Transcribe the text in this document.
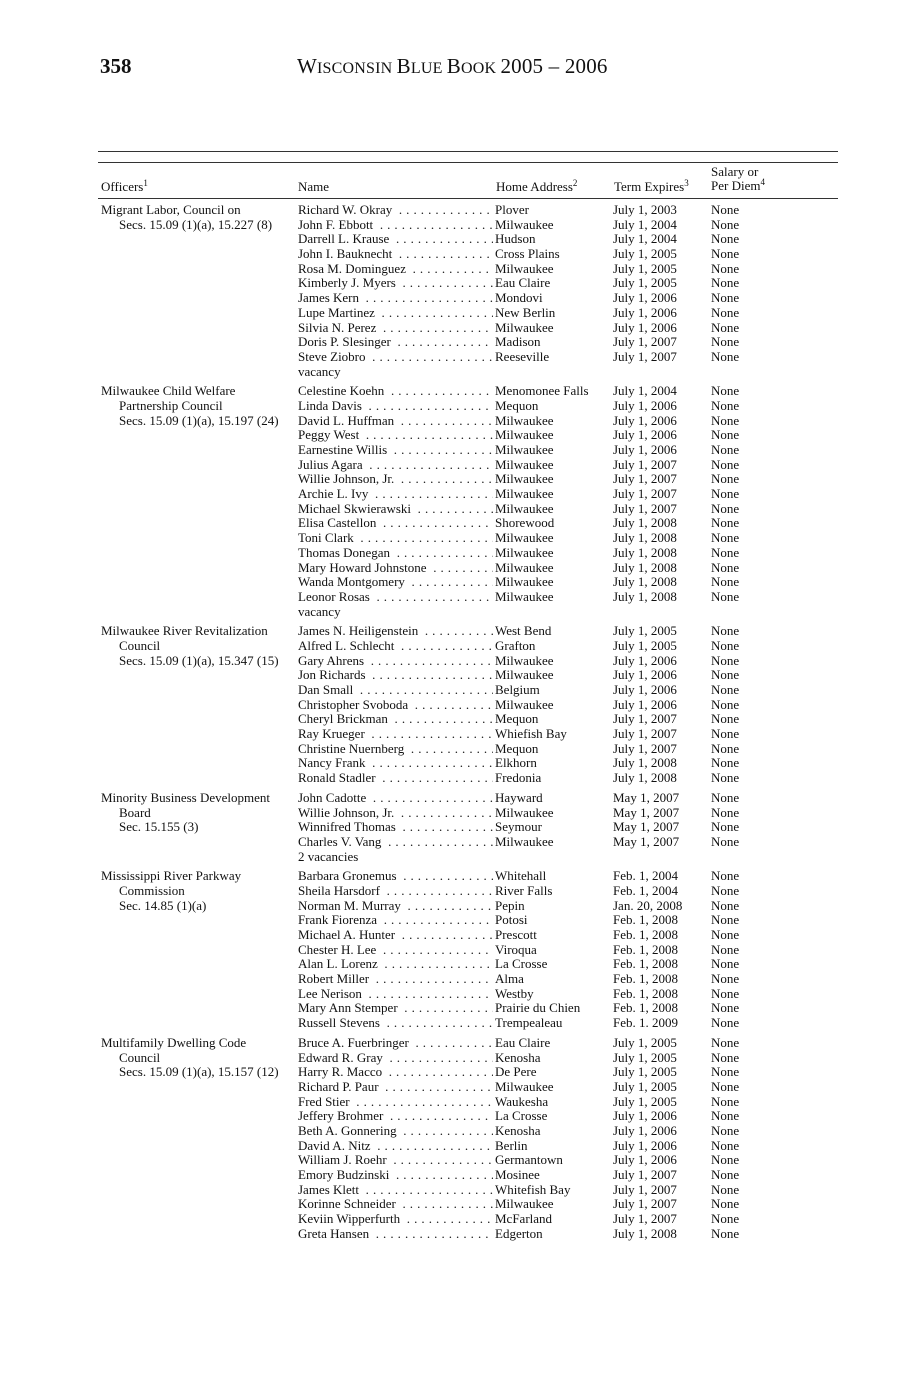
358	WISCONSIN BLUE BOOK 2005 – 2006
Officers$^1$	Name	Home Address$^2$	Term Expires$^3$
Salary or
Per Diem$^4$
Migrant Labor, Council on
Secs. 15.09 (1)(a), 15.227 (8)
Richard W. Okray . . .	Plover	July 1, 2003	None
John F. Ebbott . . .	Milwaukee	July 1, 2004	None
Darrell L. Krause . . .	Hudson	July 1, 2004	None
John I. Bauknecht . . .	Cross Plains	July 1, 2005	None
Rosa M. Dominguez . . .	Milwaukee	July 1, 2005	None
Kimberly J. Myers . . .	Eau Claire	July 1, 2005	None
James Kern . . .	Mondovi	July 1, 2006	None
Lupe Martinez . . .	New Berlin	July 1, 2006	None
Silvia N. Perez . . .	Milwaukee	July 1, 2006	None
Doris P. Slesinger . . .	Madison	July 1, 2007	None
Steve Ziobro . . .	Reeseville	July 1, 2007	None
vacancy
Milwaukee Child Welfare
Partnership Council
Secs. 15.09 (1)(a), 15.197 (24)
Celestine Koehn . . .	Menomonee Falls July 1, 2004	None
Linda Davis . . .	Mequon	July 1, 2006	None
David L. Huffman . . .	Milwaukee	July 1, 2006	None
Peggy West . . .	Milwaukee	July 1, 2006	None
Earnestine Willis . . .	Milwaukee	July 1, 2006	None
Julius Agara . . .	Milwaukee	July 1, 2007	None
Willie Johnson, Jr. . . .	Milwaukee	July 1, 2007	None
Archie L. Ivy . . .	Milwaukee	July 1, 2007	None
Michael Skwierawski . . .	Milwaukee	July 1, 2007	None
Elisa Castellon . . .	Shorewood	July 1, 2008	None
Toni Clark . . .	Milwaukee	July 1, 2008	None
Thomas Donegan . . .	Milwaukee	July 1, 2008	None
Mary Howard Johnstone . . .	Milwaukee	July 1, 2008	None
Wanda Montgomery . . .	Milwaukee	July 1, 2008	None
Leonor Rosas . . .	Milwaukee	July 1, 2008	None
vacancy
Milwaukee River Revitalization
Council
Secs. 15.09 (1)(a), 15.347 (15)
James N. Heiligenstein . . .	West Bend	July 1, 2005	None
Alfred L. Schlecht . . .	Grafton	July 1, 2005	None
Gary Ahrens . . .	Milwaukee	July 1, 2006	None
Jon Richards . . .	Milwaukee	July 1, 2006	None
Dan Small . . .	Belgium	July 1, 2006	None
Christopher Svoboda . . .	Milwaukee	July 1, 2006	None
Cheryl Brickman . . .	Mequon	July 1, 2007	None
Ray Krueger . . .	Whiefish Bay	July 1, 2007	None
Christine Nuernberg . . .	Mequon	July 1, 2007	None
Nancy Frank . . .	Elkhorn	July 1, 2008	None
Ronald Stadler . . .	Fredonia	July 1, 2008	None
Minority Business Development
Board
Sec. 15.155 (3)
John Cadotte . . .	Hayward	May 1, 2007 None
Willie Johnson, Jr. . . .	Milwaukee	May 1, 2007 None
Winnifred Thomas . . .	Seymour	May 1, 2007 None
Charles V. Vang . . .	Milwaukee	May 1, 2007 None
2 vacancies
Mississippi River Parkway
Commission
Sec. 14.85 (1)(a)
Barbara Gronemus . . .	Whitehall	Feb. 1, 2004	None
Sheila Harsdorf . . .	River Falls	Feb. 1, 2004	None
Norman M. Murray . . .	Pepin	Jan. 20, 2008 None
Frank Fiorenza . . .	Potosi	Feb. 1, 2008	None
Michael A. Hunter . . .	Prescott	Feb. 1, 2008	None
Chester H. Lee . . .	Viroqua	Feb. 1, 2008	None
Alan L. Lorenz . . .	La Crosse	Feb. 1, 2008	None
Robert Miller . . .	Alma	Feb. 1, 2008	None
Lee Nerison . . .	Westby	Feb. 1, 2008	None
Mary Ann Stemper . . .	Prairie du Chien	Feb. 1, 2008	None
Russell Stevens . . .	Trempealeau	Feb. 1. 2009	None
Multifamily Dwelling Code
Council
Secs. 15.09 (1)(a), 15.157 (12)
Bruce A. Fuerbringer . . .	Eau Claire	July 1, 2005	None
Edward R. Gray . . .	Kenosha	July 1, 2005	None
Harry R. Macco . . .	De Pere	July 1, 2005	None
Richard P. Paur . . .	Milwaukee	July 1, 2005	None
Fred Stier . . .	Waukesha	July 1, 2005	None
Jeffery Brohmer . . .	La Crosse	July 1, 2006	None
Beth A. Gonnering . . .	Kenosha	July 1, 2006	None
David A. Nitz . . .	Berlin	July 1, 2006	None
William J. Roehr . . .	Germantown	July 1, 2006	None
Emory Budzinski . . .	Mosinee	July 1, 2007	None
James Klett . . .	Whitefish Bay	July 1, 2007	None
Korinne Schneider . . .	Milwaukee	July 1, 2007	None
Keviin Wipperfurth . . .	McFarland	July 1, 2007	None
Greta Hansen . . .	Edgerton	July 1, 2008	None
